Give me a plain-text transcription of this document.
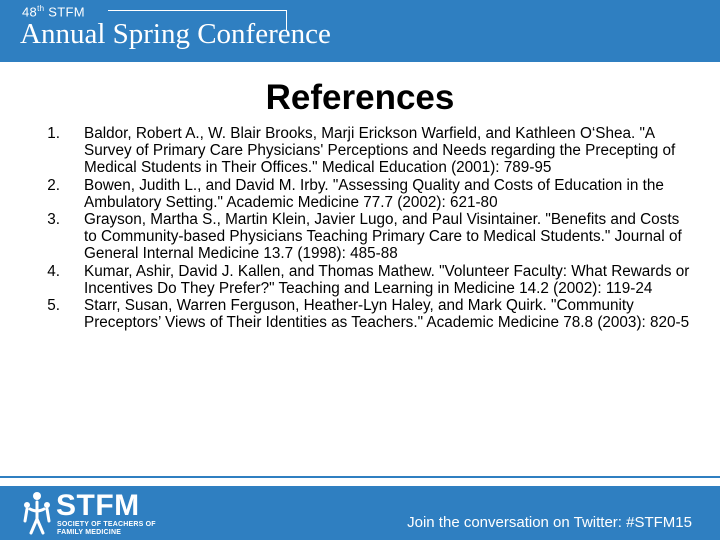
48th STFM
Annual Spring Conference
References
1. Baldor, Robert A., W. Blair Brooks, Marji Erickson Warfield, and Kathleen O‘Shea. "A Survey of Primary Care Physicians' Perceptions and Needs regarding the Precepting of Medical Students in Their Offices." Medical Education (2001): 789-95
2. Bowen, Judith L., and David M. Irby. "Assessing Quality and Costs of Education in the Ambulatory Setting." Academic Medicine 77.7 (2002): 621-80
3. Grayson, Martha S., Martin Klein, Javier Lugo, and Paul Visintainer. "Benefits and Costs to Community-based Physicians Teaching Primary Care to Medical Students." Journal of General Internal Medicine 13.7 (1998): 485-88
4. Kumar, Ashir, David J. Kallen, and Thomas Mathew. "Volunteer Faculty: What Rewards or Incentives Do They Prefer?" Teaching and Learning in Medicine 14.2 (2002): 119-24
5. Starr, Susan, Warren Ferguson, Heather-Lyn Haley, and Mark Quirk. "Community Preceptors’ Views of Their Identities as Teachers." Academic Medicine 78.8 (2003): 820-5
STFM
SOCIETY OF TEACHERS OF
FAMILY MEDICINE
Join the conversation on Twitter: #STFM15
